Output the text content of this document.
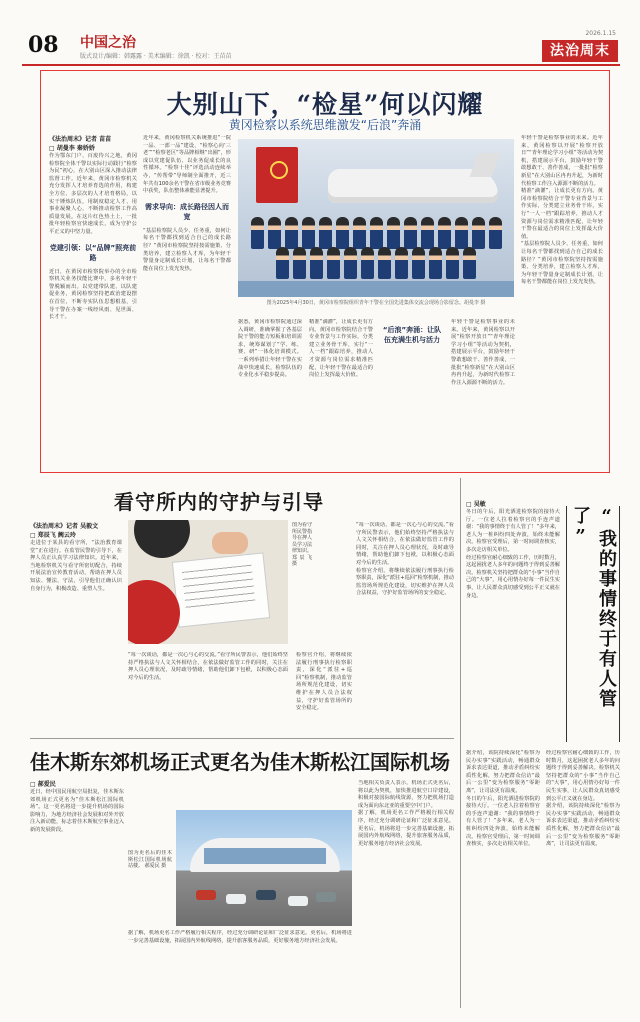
08 中国之治
版式设计/编辑：韩露露 · 美术编辑：徐凯 · 校对：王苗苗
2026.1.15
法治周末
大别山下，“检星”何以闪耀
黄冈检察以系统思维激发“后浪”奔涌
《法治周末》记者 苗苗
□ 胡曼李 秦娇娇

作为鄂东门户、百废待兴之地，黄冈检察院全体干警以实际行动践行“检察为民”初心，在大别山区深入推动法律监督工作。近年来，黄冈市检察机关充分发挥人才培养育选的作用，构建全方位、多层次的人才培育格局，以实干锤炼队伍，用制度稳定人才、用事业凝聚人心，不断推动检察工作高质量发展。在这片红色热土上，一批批年轻检察官快速成长，成为守护公平正义的中坚力量。

党建引领：以“品牌”照亮前路

近日，在黄冈市检察院举办的全市检察机关业务技能比赛中，多名年轻干警脱颖而出。以党建带队建、以队建促业务，黄冈检察坚持把政治建设摆在首位，不断夯实队伍思想根基，引导干警在办案一线经风雨、见世面、长才干。

近年来，黄冈检察机关系统推进“一院一品、一部一品”建设，“检察心向‘三老’”“检察老区”等品牌相继“出圈”，形成以党建促队伍、以业务促成长的良性循环。“检察十佳”评选活动连续举办，“传帮带”导师制全面推开，近三年共有100余名干警在省市级业务竞赛中获奖，队伍整体素能显著提升。

需求导向：成长路径因人而宽

“基层检察院人员少、任务重，如何让每名干警都找到适合自己的成长路径？”黄冈市检察院坚持按需施策、分类培养，建立检察人才库，为年轻干警量身定制成长计划，让每名干警都能在岗位上发光发热。

图为2025年4月30日，黄冈市检察院组织青年干警在全国先进集体交流会现场合影留念。胡曼李 摄

据悉，黄冈市检察院通过深入调研，准确掌握了各基层院干警的能力短板和培训需求，统筹谋划了“学、练、赛、研”一体化培训模式。一系列举措让年轻干警在实战中快速成长，检察队伍的专业化水平稳步提高。

精准“滴灌”，让成长更有方向。黄冈市检察院结合干警专业背景与工作实际，分类建立业务骨干库，实行“一人一档”跟踪培养，推动人才资源与岗位需求精准匹配，让年轻干警在最适合的岗位上发挥最大价值。

“后浪”奔涌：让队伍充满生机与活力

年轻干警是检察事业的未来。近年来，黄冈检察以开展“检察开放日”“青年理论学习小组”等活动为契机，搭建展示平台，鼓励年轻干警敢想敢干、善作善成，一批批“检察新星”在大别山区冉冉升起，为新时代检察工作注入源源不断的活力。

年轻干警是检察事业的未来。近年来，黄冈检察以开展“检察开放日”“青年理论学习小组”等活动为契机，搭建展示平台，鼓励年轻干警敢想敢干、善作善成，一批批“检察新星”在大别山区冉冉升起，为新时代检察工作注入源源不断的活力。

精准“滴灌”，让成长更有方向。黄冈市检察院结合干警专业背景与工作实际，分类建立业务骨干库，实行“一人一档”跟踪培养，推动人才资源与岗位需求精准匹配，让年轻干警在最适合的岗位上发挥最大价值。

“基层检察院人员少、任务重，如何让每名干警都找到适合自己的成长路径？”黄冈市检察院坚持按需施策、分类培养，建立检察人才库，为年轻干警量身定制成长计划，让每名干警都能在岗位上发光发热。

看守所内的守护与引导
《法治周末》记者 吴毅文
□ 郑辰飞 阙云玲

走进位于某县的看守所，“法治教育课堂”正在进行。在监管民警的引导下，在押人员正认真学习法律知识。近年来，当地检察机关与看守所密切配合，持续开展法治宣传教育活动，帮助在押人员知法、懂法、守法，引导他们正确认识自身行为，积极改造、重塑人生。

图为看守所民警指导在押人员学习法律知识。 郑辰飞 摄

“每一次谈话，都是一次心与心的交流。”看守所民警表示，他们始终坚持严格执法与人文关怀相结合，在依法做好监管工作的同时，关注在押人员心理状况，及时疏导情绪，帮助他们卸下包袱，以积极心态面对今后的生活。

检察官介绍，将继续依法履行刑事执行检察职责，深化“派驻+巡回”检察机制，推动监管场所规范化建设，切实维护在押人员合法权益，守护好监管场所的安全稳定。

“每一次谈话，都是一次心与心的交流。”看守所民警表示，他们始终坚持严格执法与人文关怀相结合，在依法做好监管工作的同时，关注在押人员心理状况，及时疏导情绪，帮助他们卸下包袱，以积极心态面对今后的生活。

检察官介绍，将继续依法履行刑事执行检察职责，深化“派驻+巡回”检察机制，推动监管场所规范化建设，切实维护在押人员合法权益，守护好监管场所的安全稳定。

佳木斯东郊机场正式更名为佳木斯松江国际机场
□ 郝爱民

近日，经中国民用航空局批复，佳木斯东郊机场正式更名为“佳木斯松江国际机场”。这一更名将进一步提升机场的国际影响力，为地方经济社会发展和对外开放注入新动能，标志着佳木斯航空事业迈入新的发展阶段。

图为更名后的佳木斯松江国际机场航站楼。 郝爱民 摄

据了解，机场更名工作严格履行相关程序，经过充分调研论证和广泛征求意见。更名后，机场将进一步完善基础设施，拓展国内外航线网络，提升旅客服务品质，更好服务地方经济社会发展。

当地相关负责人表示，机场正式更名后，将以此为契机，加快推进航空口岸建设，积极对接国际航线资源，努力把机场打造成为面向东北亚的重要空中门户。

据了解，机场更名工作严格履行相关程序，经过充分调研论证和广泛征求意见。更名后，机场将进一步完善基础设施，拓展国内外航线网络，提升旅客服务品质，更好服务地方经济社会发展。

□ 吴敏

冬日的午后，阳光洒进检察院的接待大厅。一位老人拉着检察官的手连声道谢：“我的事情终于有人管了！”多年来，老人为一桩纠纷四处奔波，始终未能解决。检察官受理后，第一时间调查核实，多次走访相关单位。

经过检察官耐心细致的工作，历时数月，这起困扰老人多年的问题终于得到妥善解决。检察机关坚持把群众的“小事”当作自己的“大事”，用心用情办好每一件民生实事，让人民群众真切感受到公平正义就在身边。	“我的事情终于有人管了”

据介绍，该院持续深化“检察为民办实事”实践活动，畅通群众诉求表达渠道，推动矛盾纠纷实质性化解，努力把群众信访“最后一公里”变为检察服务“零距离”，让司法更有温度。

冬日的午后，阳光洒进检察院的接待大厅。一位老人拉着检察官的手连声道谢：“我的事情终于有人管了！”多年来，老人为一桩纠纷四处奔波，始终未能解决。检察官受理后，第一时间调查核实，多次走访相关单位。

经过检察官耐心细致的工作，历时数月，这起困扰老人多年的问题终于得到妥善解决。检察机关坚持把群众的“小事”当作自己的“大事”，用心用情办好每一件民生实事，让人民群众真切感受到公平正义就在身边。

据介绍，该院持续深化“检察为民办实事”实践活动，畅通群众诉求表达渠道，推动矛盾纠纷实质性化解，努力把群众信访“最后一公里”变为检察服务“零距离”，让司法更有温度。
